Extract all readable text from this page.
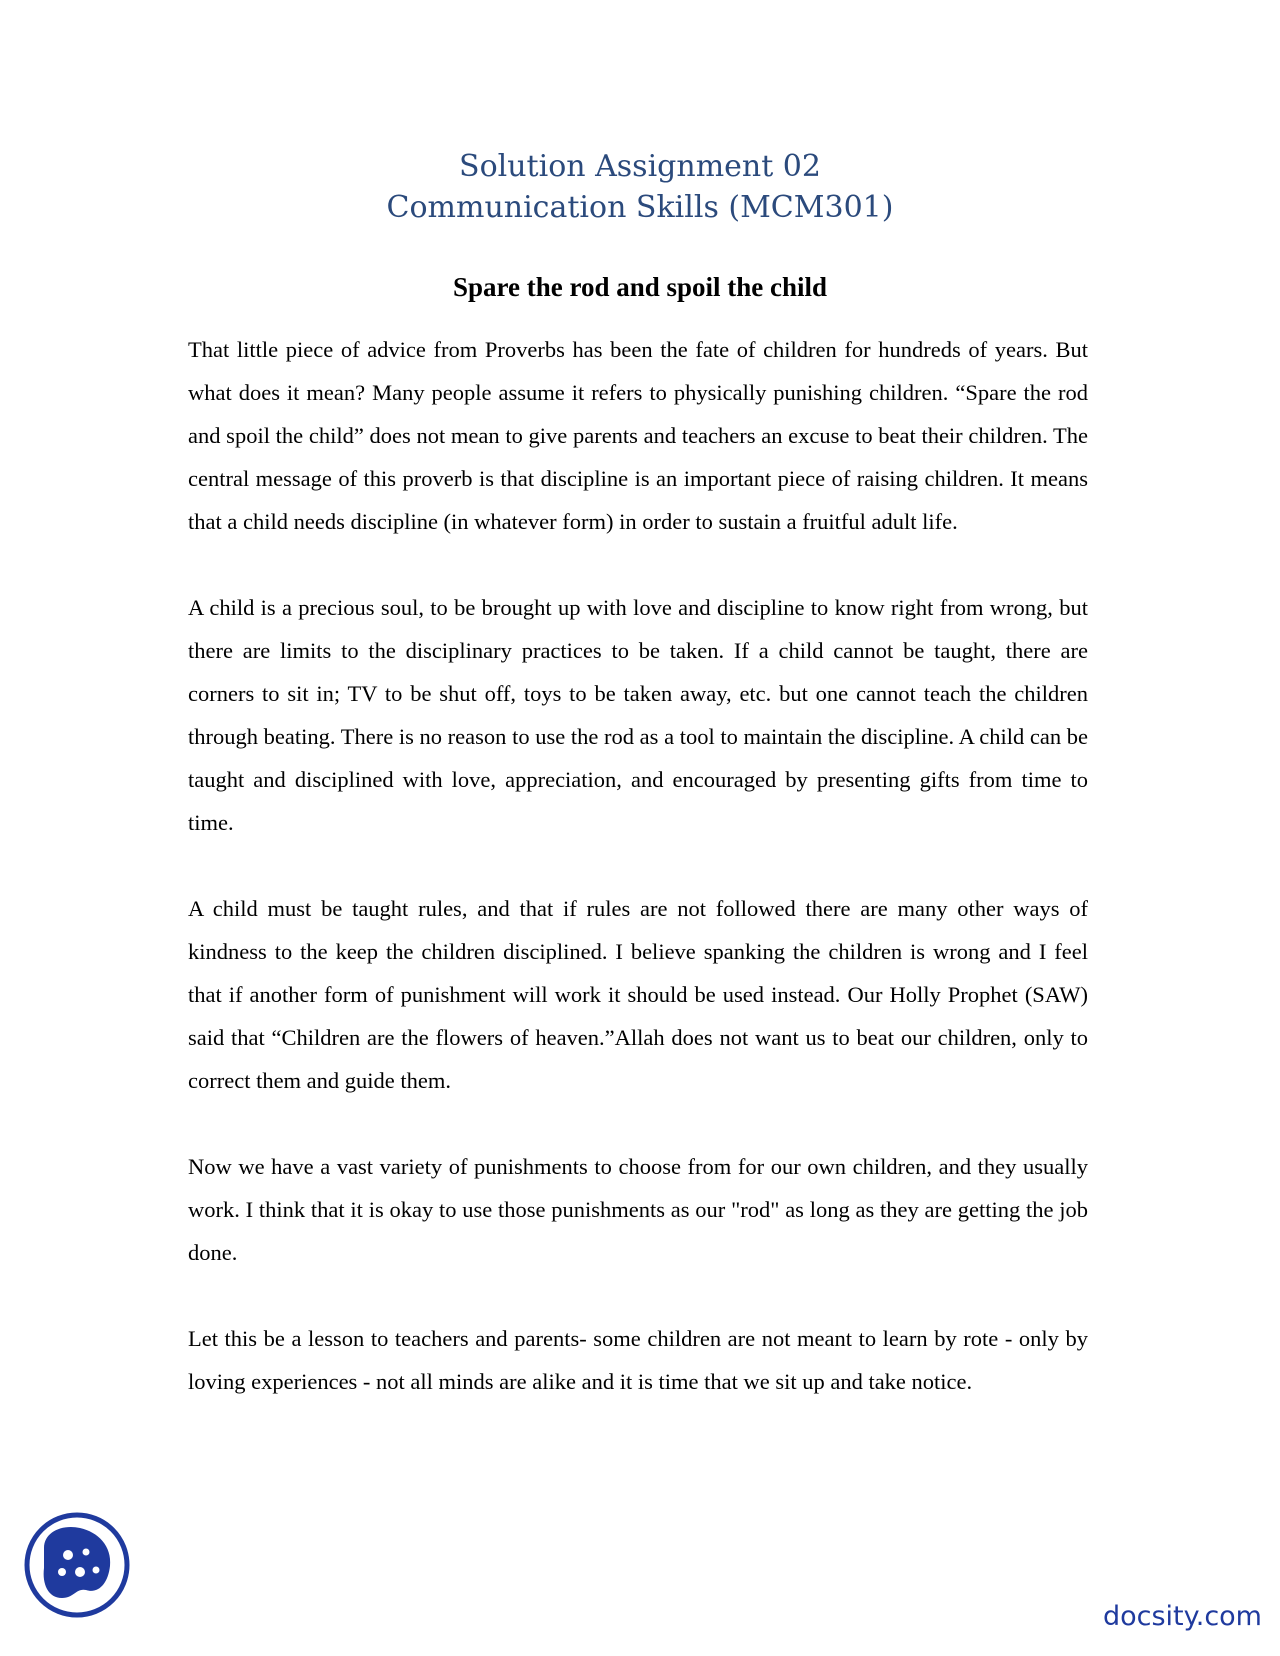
Solution Assignment 02
Communication Skills (MCM301)
Spare the rod and spoil the child

That little piece of advice from Proverbs has been the fate of children for hundreds of years. But what does it mean? Many people assume it refers to physically punishing children. “Spare the rod and spoil the child” does not mean to give parents and teachers an excuse to beat their children. The central message of this proverb is that discipline is an important piece of raising children. It means that a child needs discipline (in whatever form) in order to sustain a fruitful adult life.

A child is a precious soul, to be brought up with love and discipline to know right from wrong, but there are limits to the disciplinary practices to be taken. If a child cannot be taught, there are corners to sit in; TV to be shut off, toys to be taken away, etc. but one cannot teach the children through beating. There is no reason to use the rod as a tool to maintain the discipline. A child can be taught and disciplined with love, appreciation, and encouraged by presenting gifts from time to time.

A child must be taught rules, and that if rules are not followed there are many other ways of kindness to the keep the children disciplined. I believe spanking the children is wrong and I feel that if another form of punishment will work it should be used instead. Our Holly Prophet (SAW) said that “Children are the flowers of heaven.”Allah does not want us to beat our children, only to correct them and guide them.

Now we have a vast variety of punishments to choose from for our own children, and they usually work. I think that it is okay to use those punishments as our "rod" as long as they are getting the job done.

Let this be a lesson to teachers and parents- some children are not meant to learn by rote - only by loving experiences - not all minds are alike and it is time that we sit up and take notice.

docsity.com
